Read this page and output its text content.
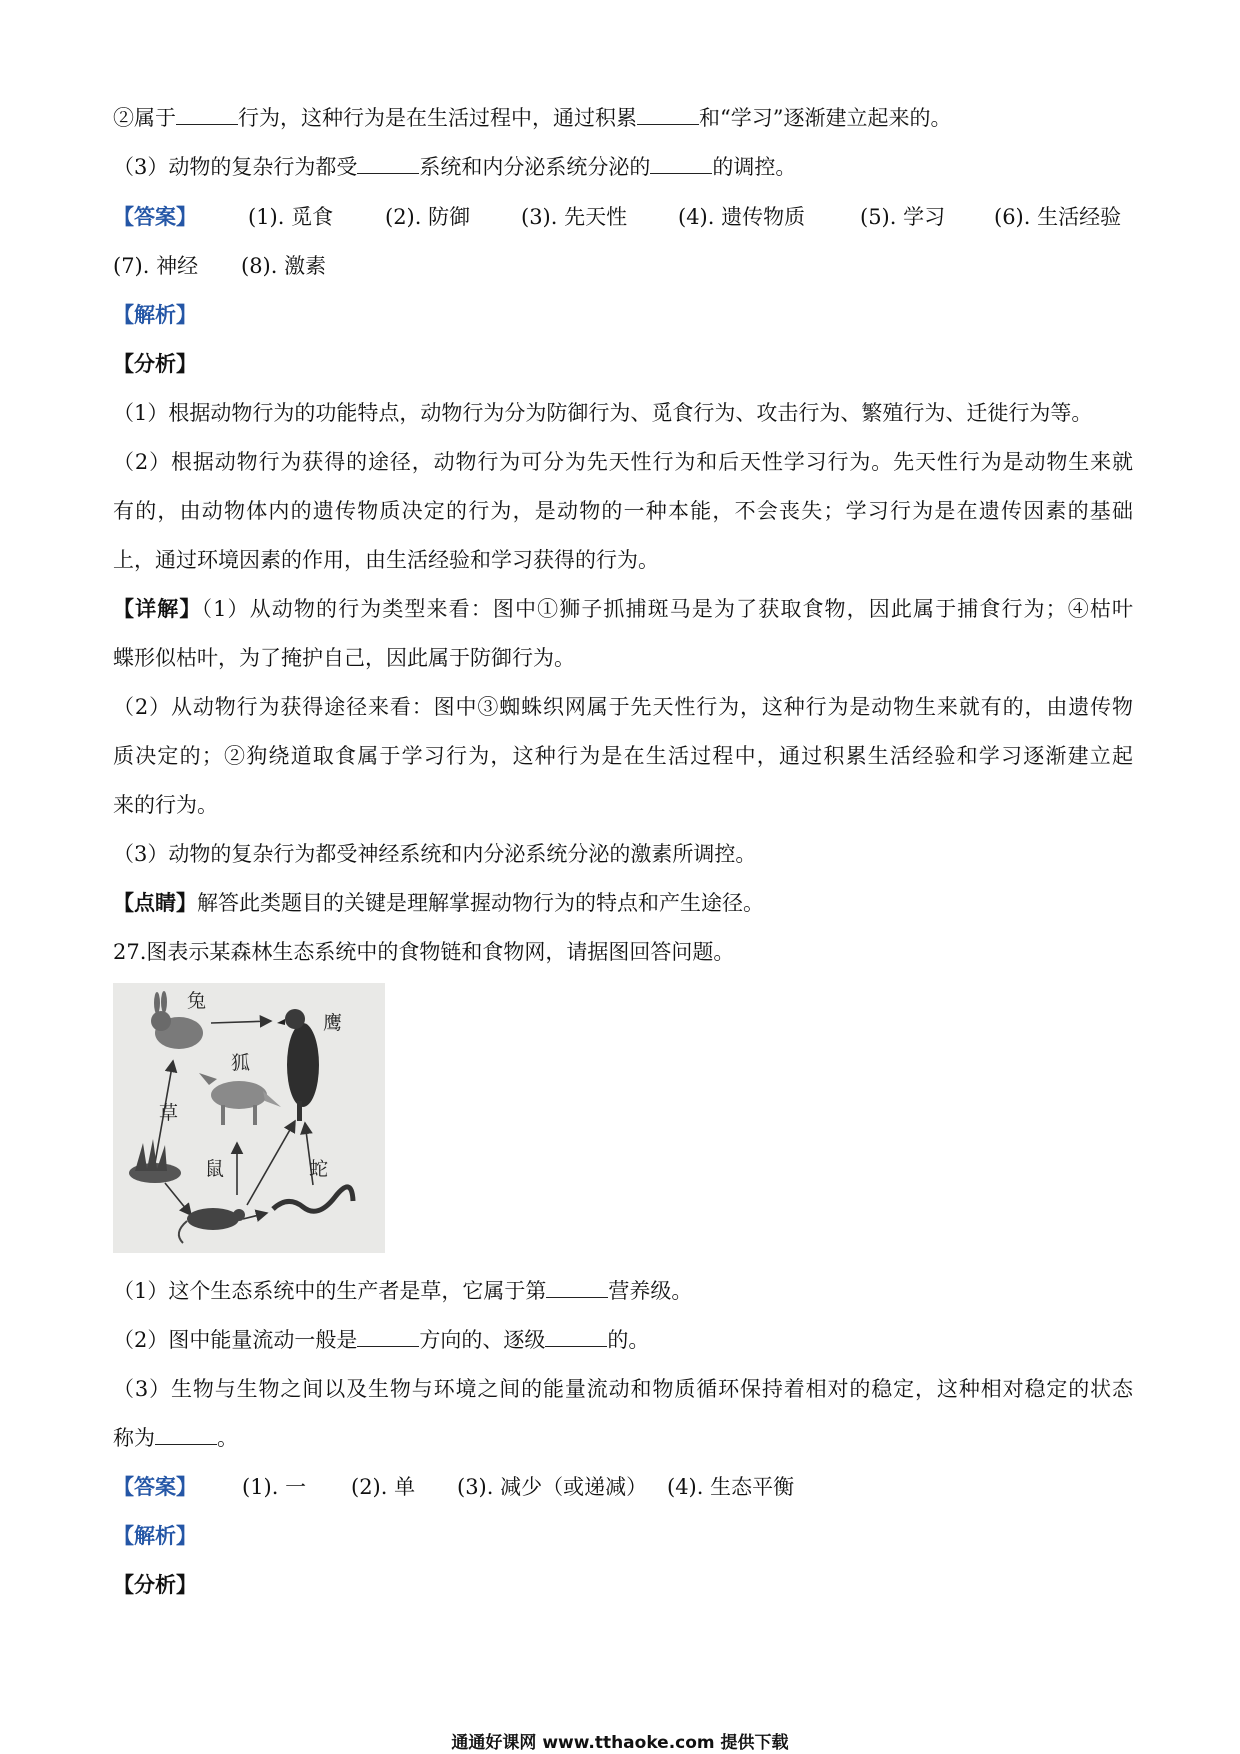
②属于	行为，这种行为是在生活过程中，通过积累	和“学习”逐渐建立起来的。
（3）动物的复杂行为都受	系统和内分泌系统分泌的	的调控。
【答案】 (1). 觅食 (2). 防御 (3). 先天性 (4). 遗传物质	(5). 学习 (6). 生活经验
(7). 神经 (8). 激素
【解析】
【分析】
（1）根据动物行为的功能特点，动物行为分为防御行为、觅食行为、攻击行为、繁殖行为、迁徙行为等。
（2）根据动物行为获得的途径，动物行为可分为先天性行为和后天性学习行为。先天性行为是动物生来就
有的，由动物体内的遗传物质决定的行为，是动物的一种本能，不会丧失；学习行为是在遗传因素的基础
上，通过环境因素的作用，由生活经验和学习获得的行为。
【详解】（1）从动物的行为类型来看：图中①狮子抓捕斑马是为了获取食物，因此属于捕食行为；④枯叶
蝶形似枯叶，为了掩护自己，因此属于防御行为。
（2）从动物行为获得途径来看：图中③蜘蛛织网属于先天性行为，这种行为是动物生来就有的，由遗传物
质决定的；②狗绕道取食属于学习行为，这种行为是在生活过程中，通过积累生活经验和学习逐渐建立起
来的行为。
（3）动物的复杂行为都受神经系统和内分泌系统分泌的激素所调控。
【点睛】解答此类题目的关键是理解掌握动物行为的特点和产生途径。
27.图表示某森林生态系统中的食物链和食物网，请据图回答问题。
兔
鹰
狐
草
鼠	蛇
（1）这个生态系统中的生产者是草，它属于第	营养级。
（2）图中能量流动一般是	方向的、逐级	的。
（3）生物与生物之间以及生物与环境之间的能量流动和物质循环保持着相对的稳定，这种相对稳定的状态
称为	。
【答案】 (1). 一 (2). 单 (3). 减少（或递减） (4). 生态平衡
【解析】
【分析】
通通好课网 www.tthaoke.com 提供下载
